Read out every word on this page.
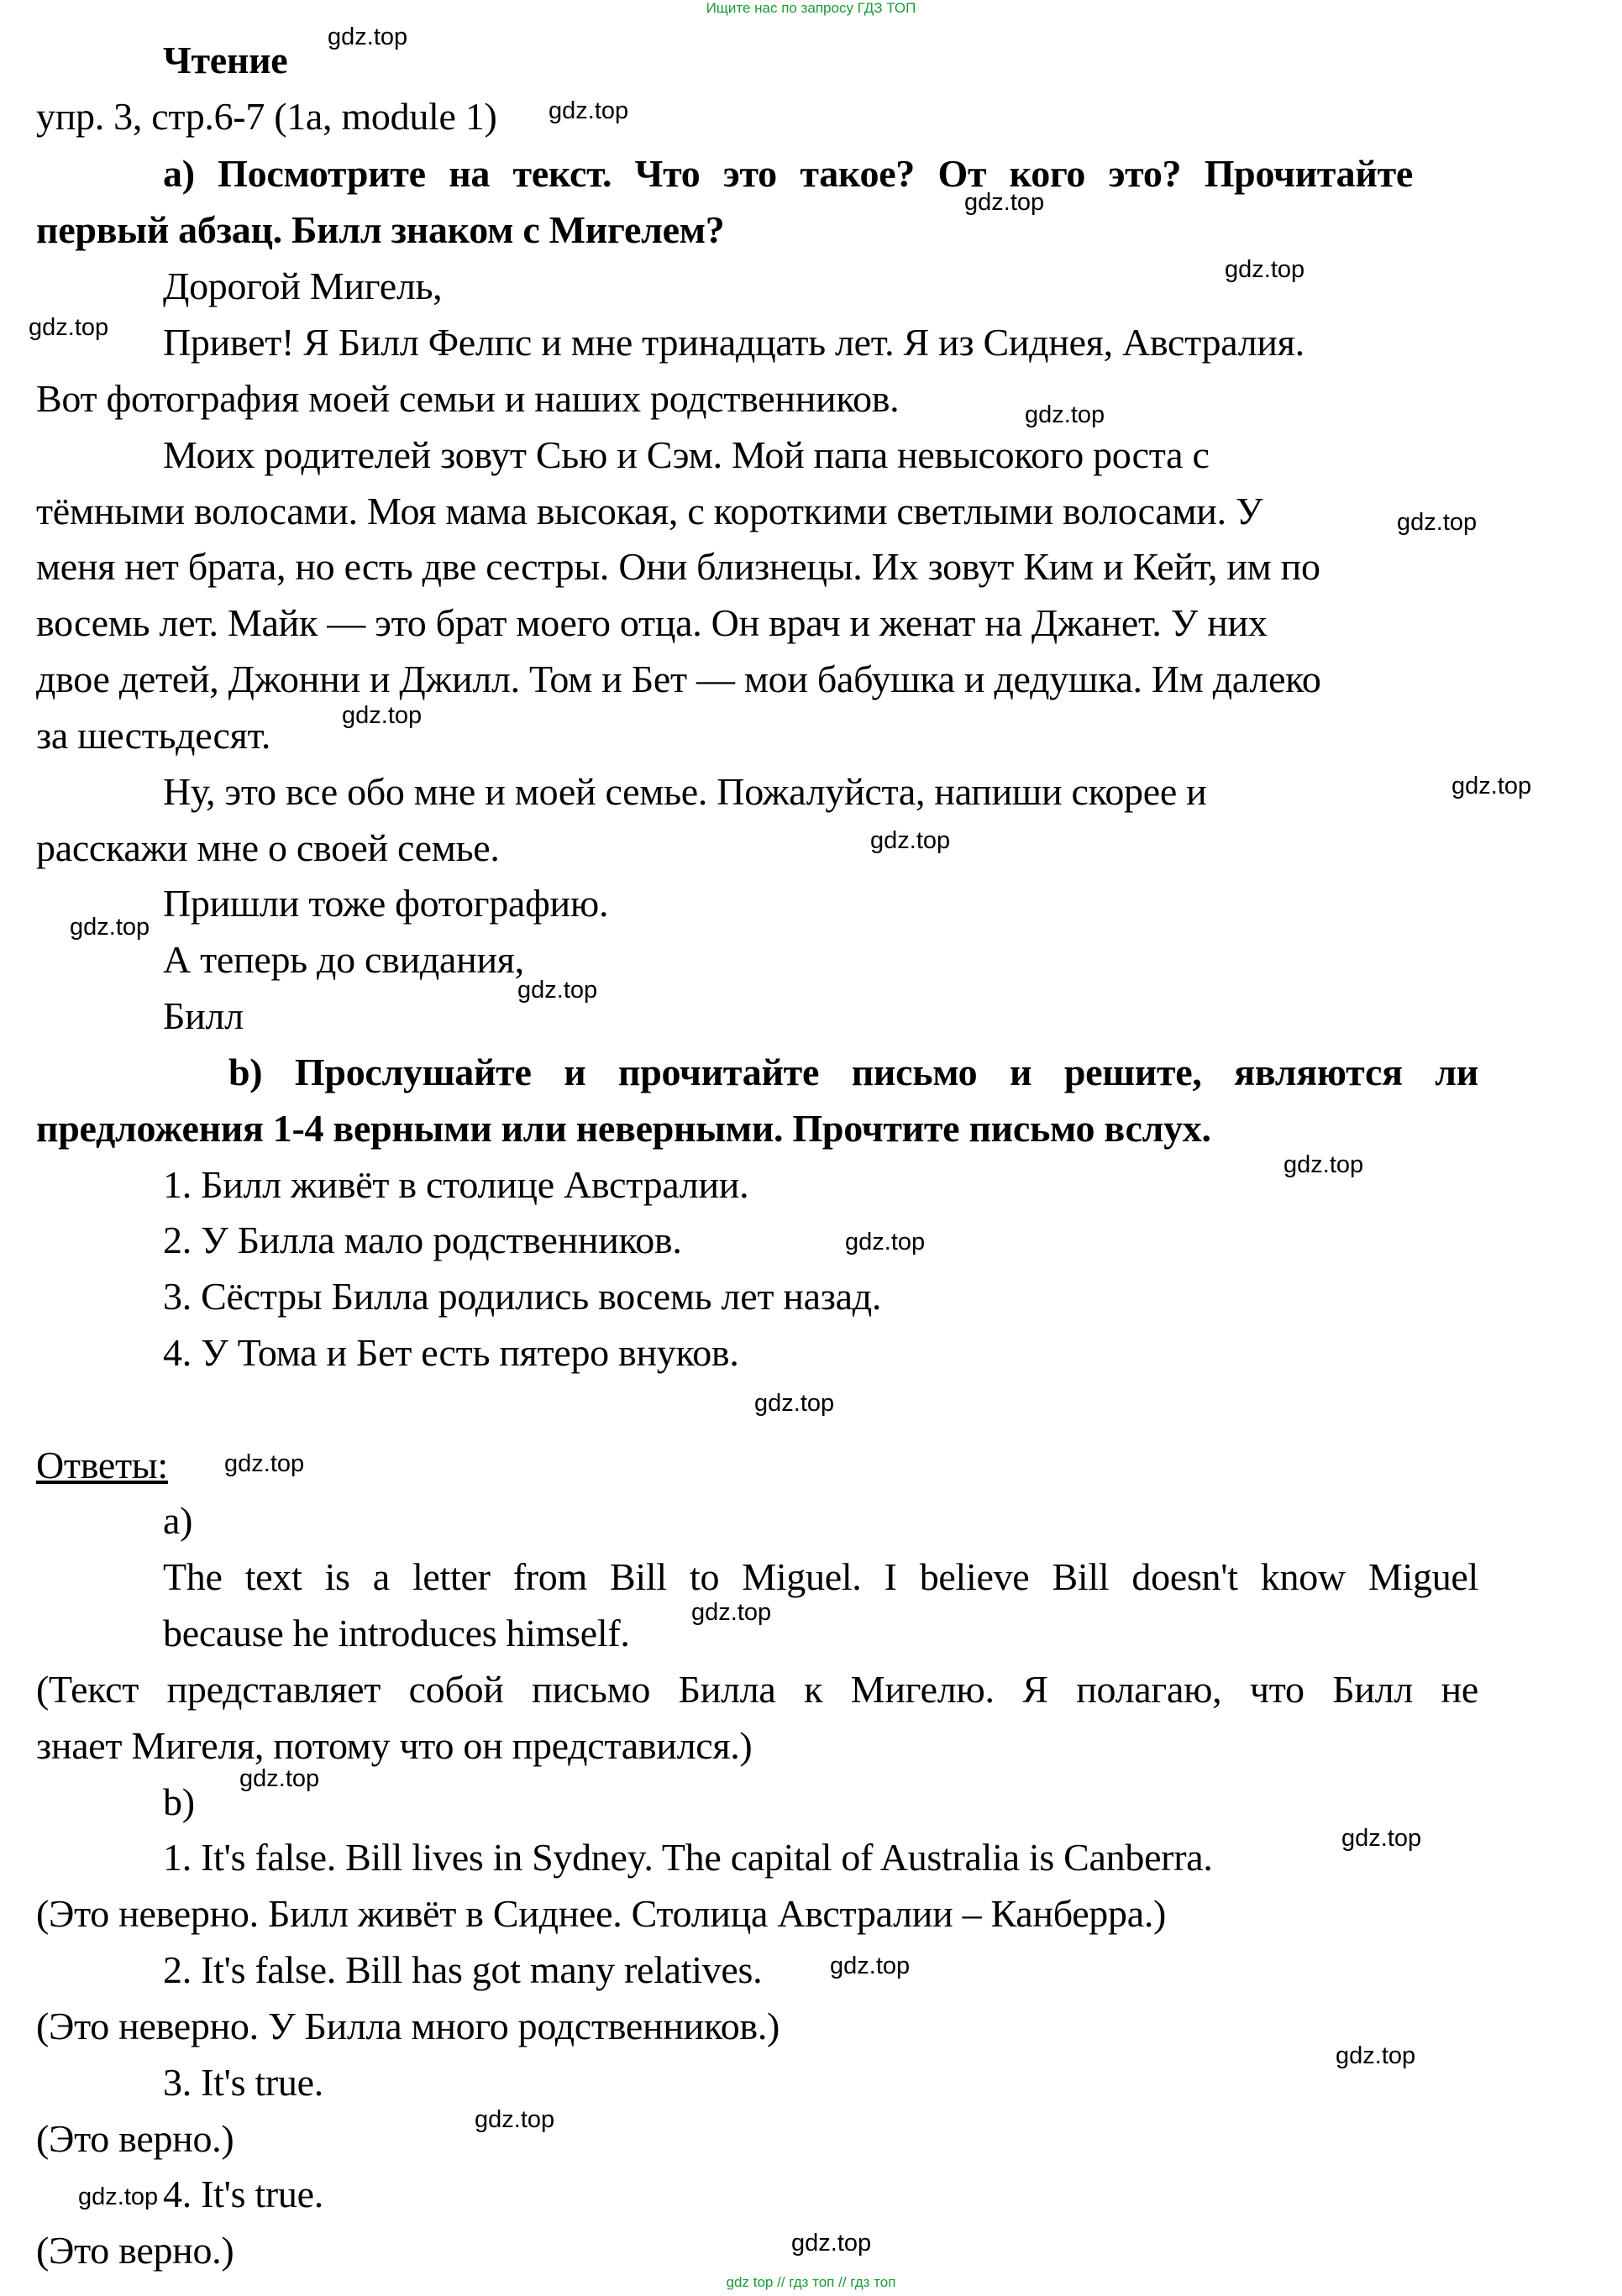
Ищите нас по запросу ГДЗ ТОП
Чтение
упр. 3, стр.6-7 (1a, module 1)
a) Посмотрите на текст. Что это такое? От кого это? Прочитайте
первый абзац. Билл знаком с Мигелем?
Дорогой Мигель,
Привет! Я Билл Фелпс и мне тринадцать лет. Я из Сиднея, Австралия.
Вот фотография моей семьи и наших родственников.
Моих родителей зовут Сью и Сэм. Мой папа невысокого роста с
тёмными волосами. Моя мама высокая, с короткими светлыми волосами. У
меня нет брата, но есть две сестры. Они близнецы. Их зовут Ким и Кейт, им по
восемь лет. Майк — это брат моего отца. Он врач и женат на Джанет. У них
двое детей, Джонни и Джилл. Том и Бет — мои бабушка и дедушка. Им далеко
за шестьдесят.
Ну, это все обо мне и моей семье. Пожалуйста, напиши скорее и
расскажи мне о своей семье.
Пришли тоже фотографию.
А теперь до свидания,
Билл
b) Прослушайте и прочитайте письмо и решите, являются ли
предложения 1-4 верными или неверными. Прочтите письмо вслух.
1. Билл живёт в столице Австралии.
2. У Билла мало родственников.
3. Сёстры Билла родились восемь лет назад.
4. У Тома и Бет есть пятеро внуков.
Ответы:
a)
The text is a letter from Bill to Miguel. I believe Bill doesn't know Miguel
because he introduces himself.
(Текст представляет собой письмо Билла к Мигелю. Я полагаю, что Билл не
знает Мигеля, потому что он представился.)
b)
1. It's false. Bill lives in Sydney. The capital of Australia is Canberra.
(Это неверно. Билл живёт в Сиднее. Столица Австралии – Канберра.)
2. It's false. Bill has got many relatives.
(Это неверно. У Билла много родственников.)
3. It's true.
(Это верно.)
4. It's true.
(Это верно.)
gdz.top
gdz.top
gdz.top
gdz.top
gdz.top
gdz.top
gdz.top
gdz.top
gdz.top
gdz.top
gdz.top
gdz.top
gdz.top
gdz.top
gdz.top
gdz.top
gdz.top
gdz.top
gdz.top
gdz.top
gdz.top
gdz.top
gdz.top
gdz.top
gdz top // гдз топ // гдз топ
